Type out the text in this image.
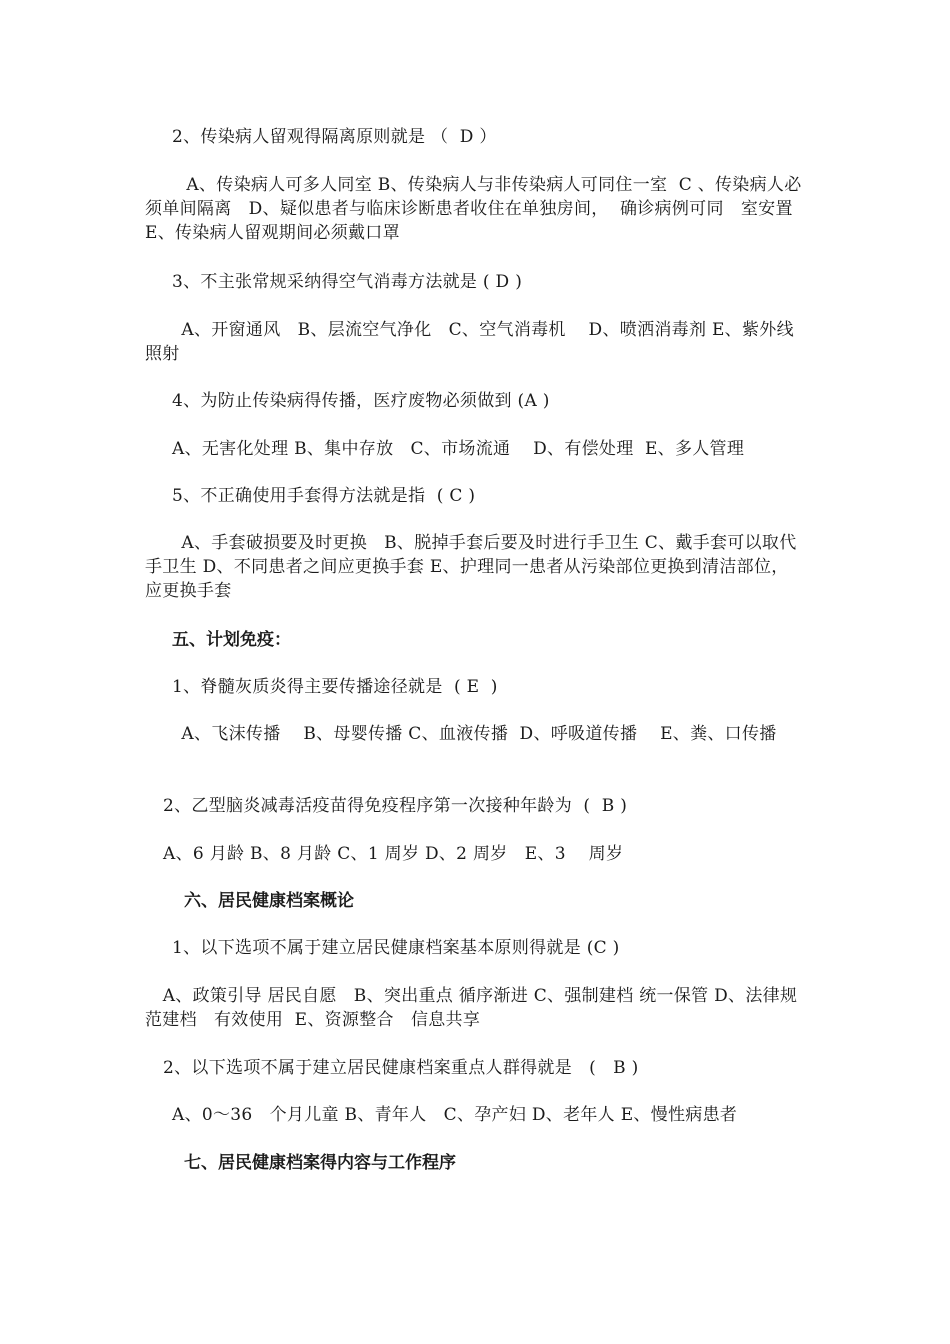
2、传染病人留观得隔离原则就是 （  D ）
A、传染病人可多人同室 B、传染病人与非传染病人可同住一室  C 、传染病人必须单间隔离   D、疑似患者与临床诊断患者收住在单独房间，  确诊病例可同   室安置 E、传染病人留观期间必须戴口罩
3、不主张常规采纳得空气消毒方法就是 ( D )
A、开窗通风   B、层流空气净化   C、空气消毒机    D、喷洒消毒剂 E、紫外线照射
4、为防止传染病得传播，医疗废物必须做到 (A )
A、无害化处理 B、集中存放   C、市场流通    D、有偿处理  E、多人管理
5、不正确使用手套得方法就是指  ( C )
A、手套破损要及时更换   B、脱掉手套后要及时进行手卫生 C、戴手套可以取代手卫生 D、不同患者之间应更换手套 E、护理同一患者从污染部位更换到清洁部位，  应更换手套
五、计划免疫：
1、脊髓灰质炎得主要传播途径就是  ( E  )
A、飞沫传播    B、母婴传播 C、血液传播  D、呼吸道传播    E、粪、口传播
2、乙型脑炎减毒活疫苗得免疫程序第一次接种年龄为  (  B )
A、6 月龄 B、8 月龄 C、1 周岁 D、2 周岁   E、3    周岁
六、居民健康档案概论
1、以下选项不属于建立居民健康档案基本原则得就是 (C )
A、政策引导 居民自愿   B、突出重点 循序渐进 C、强制建档 统一保管 D、法律规范建档   有效使用  E、资源整合   信息共享
2、以下选项不属于建立居民健康档案重点人群得就是   (   B )
A、0～36   个月儿童 B、青年人   C、孕产妇 D、老年人 E、慢性病患者
七、居民健康档案得内容与工作程序
